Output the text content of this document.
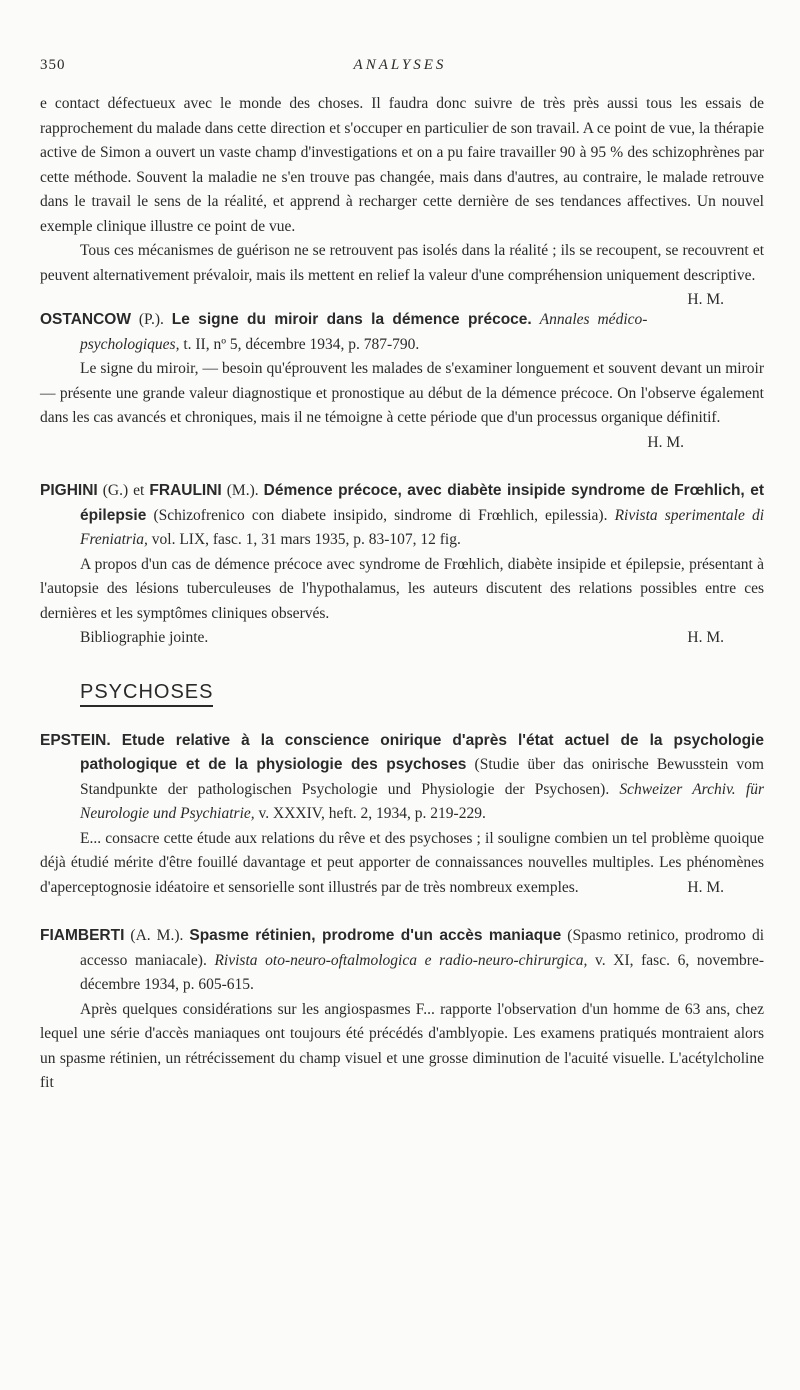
350	ANALYSES

e contact défectueux avec le monde des choses. Il faudra donc suivre de très près aussi tous les essais de rapprochement du malade dans cette direction et s'occuper en particulier de son travail. A ce point de vue, la thérapie active de Simon a ouvert un vaste champ d'investigations et on a pu faire travailler 90 à 95 % des schizophrènes par cette méthode. Souvent la maladie ne s'en trouve pas changée, mais dans d'autres, au contraire, le malade retrouve dans le travail le sens de la réalité, et apprend à recharger cette dernière de ses tendances affectives. Un nouvel exemple clinique illustre ce point de vue.

Tous ces mécanismes de guérison ne se retrouvent pas isolés dans la réalité ; ils se recoupent, se recouvrent et peuvent alternativement prévaloir, mais ils mettent en relief la valeur d'une compréhension uniquement descriptive.
H. M.

OSTANCOW (P.). Le signe du miroir dans la démence précoce. Annales médico-psychologiques, t. II, nº 5, décembre 1934, p. 787-790.

Le signe du miroir, — besoin qu'éprouvent les malades de s'examiner longuement et souvent devant un miroir — présente une grande valeur diagnostique et pronostique au début de la démence précoce. On l'observe également dans les cas avancés et chroniques, mais il ne témoigne à cette période que d'un processus organique définitif.

H. M.
PIGHINI (G.) et FRAULINI (M.). Démence précoce, avec diabète insipide syndrome de Frœhlich, et épilepsie (Schizofrenico con diabete insipido, sindrome di Frœhlich, epilessia). Rivista sperimentale di Freniatria, vol. LIX, fasc. 1, 31 mars 1935, p. 83-107, 12 fig.

A propos d'un cas de démence précoce avec syndrome de Frœhlich, diabète insipide et épilepsie, présentant à l'autopsie des lésions tuberculeuses de l'hypothalamus, les auteurs discutent des relations possibles entre ces dernières et les symptômes cliniques observés.

Bibliographie jointe.	H. M.

PSYCHOSES
EPSTEIN. Etude relative à la conscience onirique d'après l'état actuel de la psychologie pathologique et de la physiologie des psychoses (Studie über das onirische Bewusstein vom Standpunkte der pathologischen Psychologie und Physiologie der Psychosen). Schweizer Archiv. für Neurologie und Psychiatrie, v. XXXIV, heft. 2, 1934, p. 219-229.

E... consacre cette étude aux relations du rêve et des psychoses ; il souligne combien un tel problème quoique déjà étudié mérite d'être fouillé davantage et peut apporter de connaissances nouvelles multiples. Les phénomènes d'aperceptognosie idéatoire et sensorielle sont illustrés par de très nombreux exemples.	H. M.

FIAMBERTI (A. M.). Spasme rétinien, prodrome d'un accès maniaque (Spasmo retinico, prodromo di accesso maniacale). Rivista oto-neuro-oftalmologica e radio-neuro-chirurgica, v. XI, fasc. 6, novembre-décembre 1934, p. 605-615.

Après quelques considérations sur les angiospasmes F... rapporte l'observation d'un homme de 63 ans, chez lequel une série d'accès maniaques ont toujours été précédés d'amblyopie. Les examens pratiqués montraient alors un spasme rétinien, un rétrécissement du champ visuel et une grosse diminution de l'acuité visuelle. L'acétylcholine fit
